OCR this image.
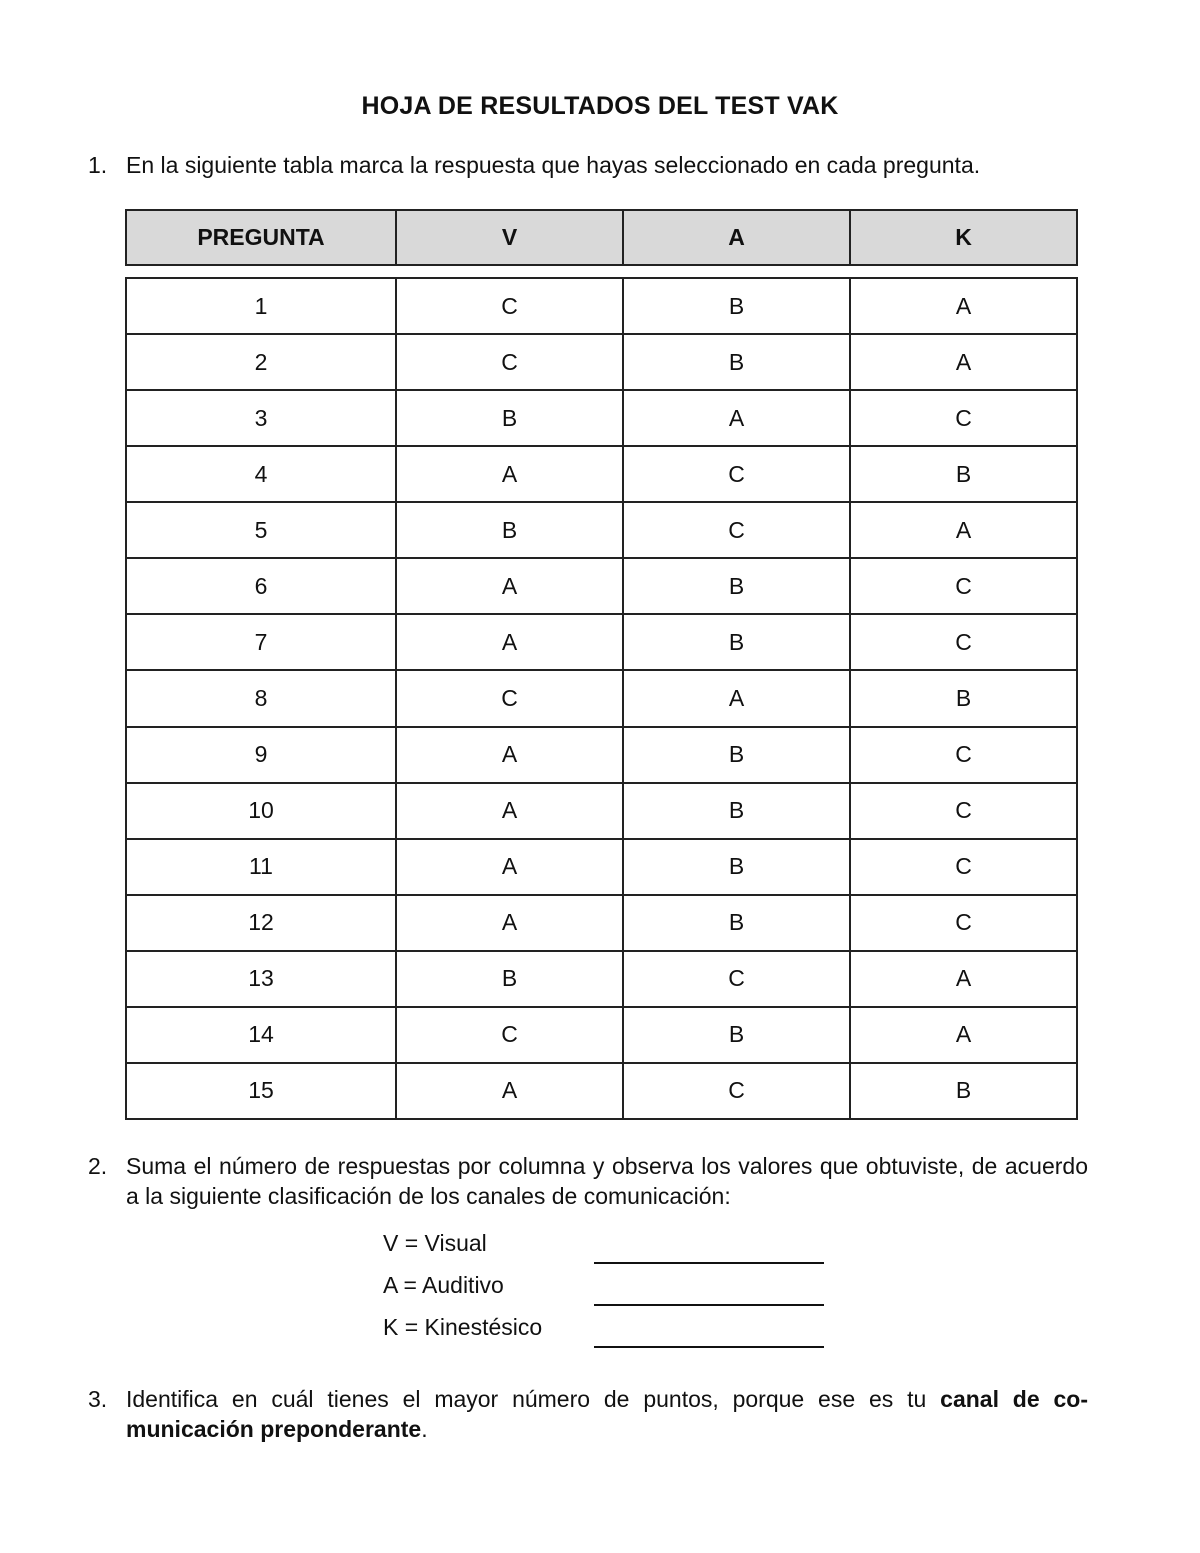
HOJA DE RESULTADOS DEL TEST VAK
1. En la siguiente tabla marca la respuesta que hayas seleccionado en cada pregunta.
PREGUNTA	V	A	K
1	C	B	A
2	C	B	A
3	B	A	C
4	A	C	B
5	B	C	A
6	A	B	C
7	A	B	C
8	C	A	B
9	A	B	C
10	A	B	C
11	A	B	C
12	A	B	C
13	B	C	A
14	C	B	A
15	A	C	B
2. Suma el número de respuestas por columna y observa los valores que obtuviste, de acuerdo a la siguiente clasificación de los canales de comunicación:
V = Visual
A = Auditivo
K = Kinestésico
3. Identifica en cuál tienes el mayor número de puntos, porque ese es tu canal de co- municación preponderante.
